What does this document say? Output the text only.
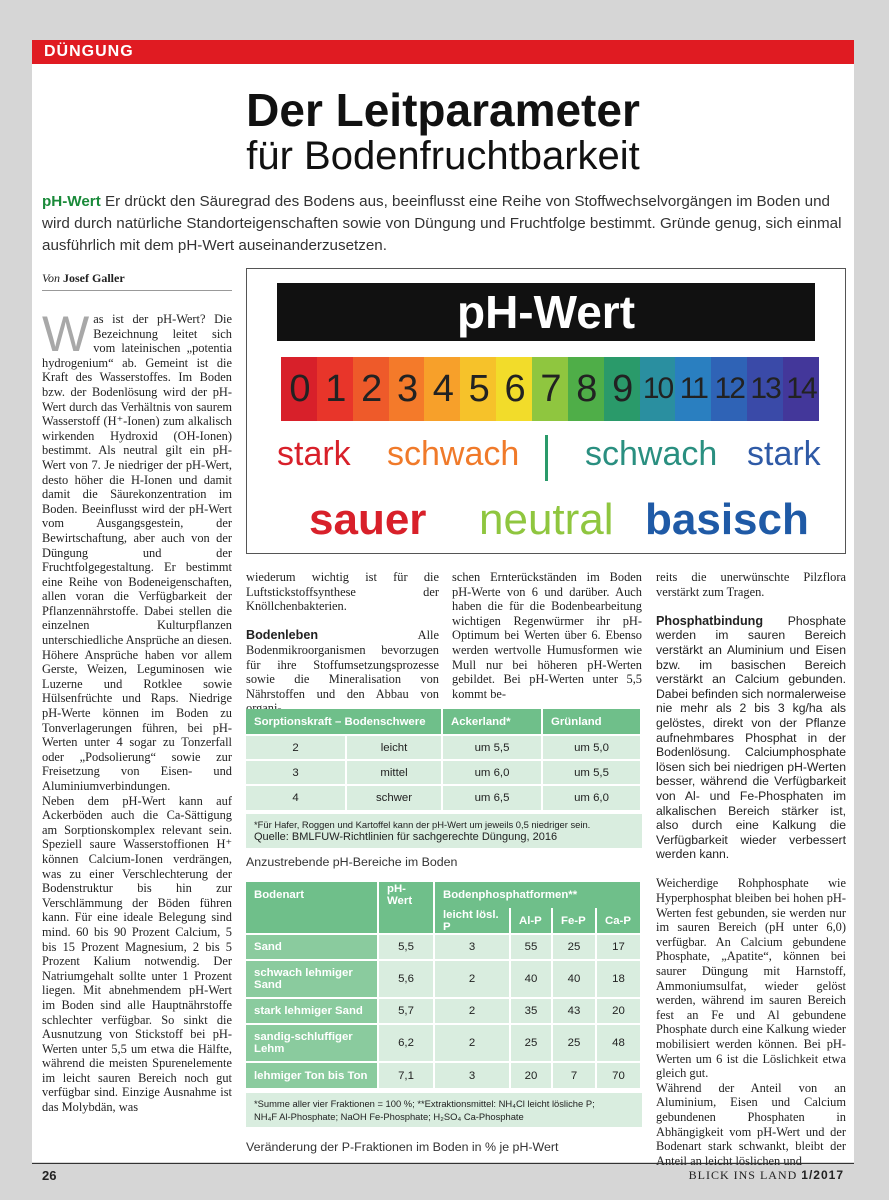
DÜNGUNG
Der Leitparameter
für Bodenfruchtbarkeit
pH-Wert Er drückt den Säuregrad des Bodens aus, beeinflusst eine Reihe von Stoffwechselvorgängen im Boden und wird durch natürliche Standorteigenschaften sowie von Düngung und Fruchtfolge bestimmt. Gründe genug, sich einmal ausführlich mit dem pH-Wert auseinanderzusetzen.
Von Josef Galler
Was ist der pH-Wert? Die Bezeichnung leitet sich vom lateinischen „potentia hydrogenium“ ab. Gemeint ist die Kraft des Wasserstoffes. Im Boden bzw. der Bodenlösung wird der pH-Wert durch das Verhältnis von saurem Wasserstoff (H⁺-Ionen) zum alkalisch wirkenden Hydroxid (OH-Ionen) bestimmt. Als neutral gilt ein pH-Wert von 7. Je niedriger der pH-Wert, desto höher die H-Ionen und damit damit die Säurekonzentration im Boden. Beeinflusst wird der pH-Wert vom Ausgangsgestein, der Bewirtschaftung, aber auch von der Düngung und der Fruchtfolgegestaltung. Er bestimmt eine Reihe von Bodeneigenschaften, allen voran die Verfügbarkeit der Pflanzennährstoffe. Dabei stellen die einzelnen Kulturpflanzen unterschiedliche Ansprüche an diesen. Höhere Ansprüche haben vor allem Gerste, Weizen, Leguminosen wie Luzerne und Rotklee sowie Hülsenfrüchte und Raps. Niedrige pH-Werte können im Boden zu Tonverlagerungen führen, bei pH-Werten unter 4 sogar zu Tonzerfall oder „Podsolierung“ sowie zur Freisetzung von Eisen- und Aluminiumverbindungen.
Neben dem pH-Wert kann auf Ackerböden auch die Ca-Sättigung am Sorptionskomplex relevant sein. Speziell saure Wasserstoffionen H⁺ können Calcium-Ionen verdrängen, was zu einer Verschlechterung der Bodenstruktur bis hin zur Verschlämmung der Böden führen kann. Für eine ideale Belegung sind mind. 60 bis 90 Prozent Calcium, 5 bis 15 Prozent Magnesium, 2 bis 5 Prozent Kalium notwendig. Der Natriumgehalt sollte unter 1 Prozent liegen. Mit abnehmendem pH-Wert im Boden sind alle Hauptnährstoffe schlechter verfügbar. So sinkt die Ausnutzung von Stickstoff bei pH-Werten unter 5,5 um etwa die Hälfte, während die meisten Spurenelemente im leicht sauren Bereich noch gut verfügbar sind. Einzige Ausnahme ist das Molybdän, was
pH-Wert
0 1 2 3 4 5 6 7 8 9 10 11 12 13 14
stark schwach schwach stark
sauer neutral basisch
wiederum wichtig ist für die Luftstickstoffsynthese der Knöllchenbakterien.

Bodenleben	Alle Bodenmikroorganismen bevorzugen für ihre Stoffumsetzungsprozesse sowie die Mineralisation von Nährstoffen und den Abbau von
schen Ernterückständen im Boden pH-Werte von 6 und darüber. Auch haben die für die Bodenbearbeitung wichtigen Regenwürmer ihr pH-Optimum bei Werten über 6. Ebenso werden wertvolle Humusformen wie Mull nur bei höheren pH-Werten gebildet. Bei pH-Werten unter 5,5 kommt be-
Sorptionskraft – Bodenschwere		Ackerland*	Grünland
2	leicht	um 5,5	um 5,0
3	mittel	um 6,0	um 5,5
4	schwer	um 6,5	um 6,0
*Für Hafer, Roggen und Kartoffel kann der pH-Wert um jeweils 0,5 niedriger sein.
Quelle: BMLFUW-Richtlinien für sachgerechte Düngung, 2016
Anzustrebende pH-Bereiche im Boden
Bodenart	pH-Wert	Bodenphosphatformen**			
		leicht lösl. P	Al-P	Fe-P	Ca-P
Sand	5,5	3	55	25	17
schwach lehmiger Sand	5,6	2	40	40	18
stark lehmiger Sand	5,7	2	35	43	20
sandig-schluffiger Lehm	6,2	2	25	25	48
lehmiger Ton bis Ton	7,1	3	20	7	70
*Summe aller vier Fraktionen = 100 %; **Extraktionsmittel: NH₄Cl leicht lösliche P;
NH₄F Al-Phosphate; NaOH Fe-Phosphate; H₂SO₄ Ca-Phosphate
Veränderung der P-Fraktionen im Boden in % je pH-Wert
reits die unerwünschte Pilzflora verstärkt zum Tragen.

Phosphatbindung Phosphate werden im sauren Bereich verstärkt an Aluminium und Eisen bzw. im basischen Bereich verstärkt an Calcium gebunden. Dabei befinden sich normalerweise nie mehr als 2 bis 3 kg/ha als gelöstes, direkt von der Pflanze aufnehmbares Phosphat in der Bodenlösung. Calciumphosphate lösen sich bei niedrigen pH-Werten besser, während die Verfügbarkeit von Al- und Fe-Phosphaten im alkalischen Bereich stärker ist, also durch eine Kalkung die Verfügbarkeit wieder verbessert werden kann.

Weicherdige Rohphosphate wie Hyperphosphat bleiben bei hohen pH-Werten fest gebunden, sie werden nur im sauren Bereich (pH unter 6,0) verfügbar. An Calcium gebundene Phosphate, „Apatite“, können bei saurer Düngung mit Harnstoff, Ammoniumsulfat, wieder gelöst werden, während im sauren Bereich fest an Fe und Al gebundene Phosphate durch eine Kalkung wieder mobilisiert werden können. Bei pH-Werten um 6 ist die Löslichkeit etwa gleich gut.
Während der Anteil von an Aluminium, Eisen und Calcium gebundenen Phosphaten in Abhängigkeit vom pH-Wert und der Bodenart stark schwankt, bleibt der Anteil an leicht löslichen und
26	BLICK INS LAND 1/2017
